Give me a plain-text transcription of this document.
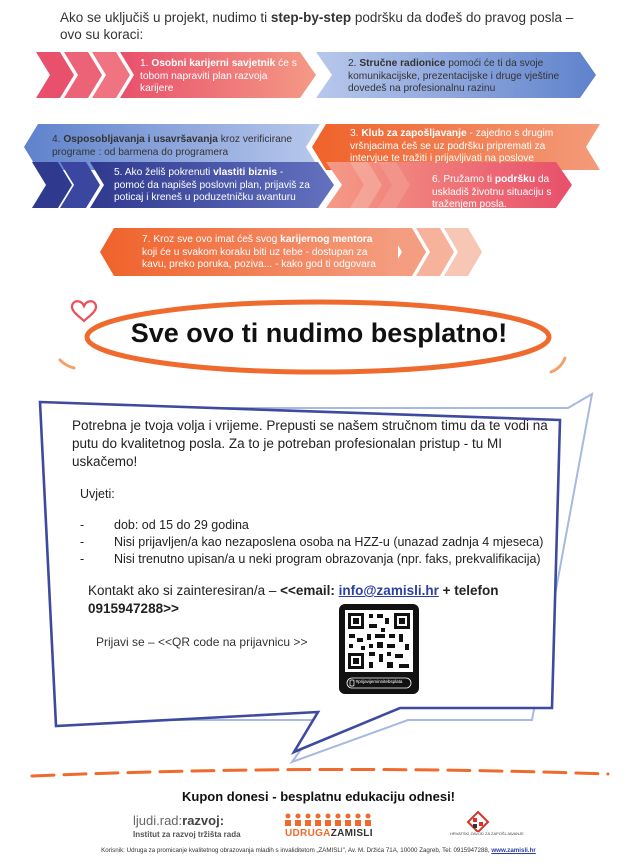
Ako se uključiš u projekt, nudimo ti step-by-step podršku da dođeš do pravog posla – ovo su koraci:
1. Osobni karijerni savjetnik će s tobom napraviti plan razvoja karijere
2. Stručne radionice pomoći će ti da svoje komunikacijske, prezentacijske i druge vještine dovedeš na profesionalnu razinu
4. Osposobljavanja i usavršavanja kroz verificirane programe : od barmena do programera
3. Klub za zapošljavanje - zajedno s drugim vršnjacima ćeš se uz podršku pripremati za intervjue te tražiti i prijavljivati na poslove
5. Ako želiš pokrenuti vlastiti biznis - pomoć da napišeš poslovni plan, prijaviš za poticaj i kreneš u poduzetničku avanturu
6. Pružamo ti podršku da uskladiš životnu situaciju s traženjem posla.
7. Kroz sve ovo imat ćeš svog karijernog mentora koji će u svakom koraku biti uz tebe - dostupan za kavu, preko poruka, poziva... - kako god ti odgovara
Sve ovo ti nudimo besplatno!
Potrebna je tvoja volja i vrijeme. Prepusti se našem stručnom timu da te vodi na putu do kvalitetnog posla. Za to je potreban profesionalan pristup - tu MI uskačemo!
Uvjeti:
- dob: od 15 do 29 godina
- Nisi prijavljen/a kao nezaposlena osoba na HZZ-u (unazad zadnja 4 mjeseca)
- Nisi trenutno upisan/a u neki program obrazovanja (npr. faks, prekvalifikacija)
Kontakt ako si zainteresiran/a – <<email: info@zamisli.hr + telefon
0915947288>>
Prijavi se – <<QR code na prijavnicu >>
#prijavijeminnitebsplata
Kupon donesi - besplatnu edukaciju odnesi!
ljudi.rad:razvoj:
Institut za razvoj tržišta rada	UDRUGAZAMISLI	HRVATSKI ZAVOD ZA ZAPOŠLJAVANJE
Korisnik: Udruga za promicanje kvalitetnog obrazovanja mladih s invaliditetom „ZAMISLI", Av. M. Držića 71A, 10000 Zagreb, Tel: 0915947288, www.zamisli.hr
